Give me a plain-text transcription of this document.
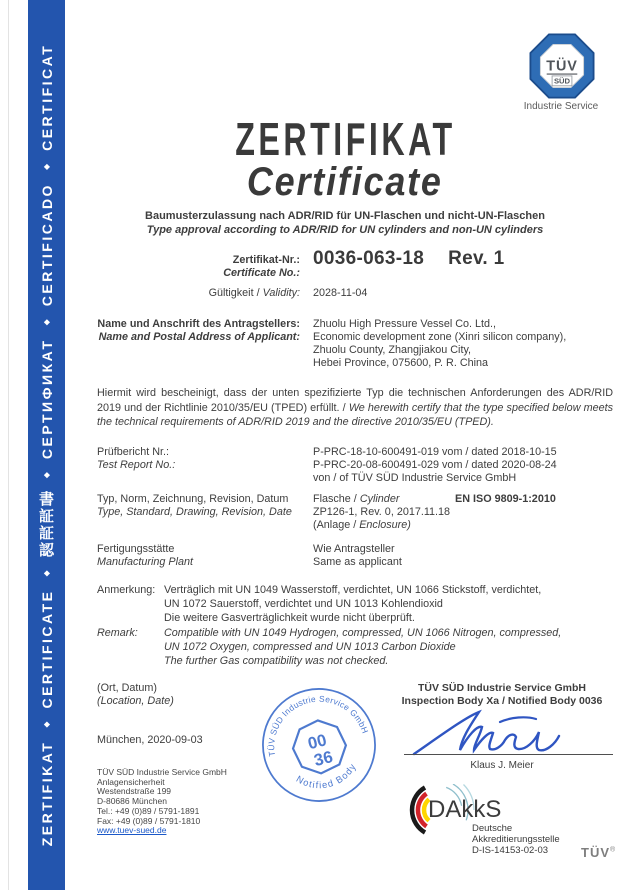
ZERTIFIKAT
◆
CERTIFICATE
◆
認
証
証
書
◆
СЕРТИФИКАТ
◆
CERTIFICADO
◆
CERTIFICAT	TÜV
SÜD
Industrie Service
ZERTIFIKAT
Certificate
Baumusterzulassung nach ADR/RID für UN-Flaschen und nicht-UN-Flaschen
Type approval according to ADR/RID for UN cylinders and non-UN cylinders
Zertifikat-Nr.:
Certificate No.:
0036-063-18 Rev. 1
Gültigkeit / Validity: 2028-11-04
Name und Anschrift des Antragstellers:
Name and Postal Address of Applicant:
Zhuolu High Pressure Vessel Co. Ltd.,
Economic development zone (Xinri silicon company),
Zhuolu County, Zhangjiakou City,
Hebei Province, 075600, P. R. China
Hiermit wird bescheinigt, dass der unten spezifizierte Typ die technischen Anforderungen des ADR/RID 2019 und der Richtlinie 2010/35/EU (TPED) erfüllt. / We herewith certify that the type specified below meets the technical requirements of ADR/RID 2019 and the directive 2010/35/EU (TPED).
Prüfbericht Nr.:
Test Report No.:
P-PRC-18-10-600491-019 vom / dated 2018-10-15
P-PRC-20-08-600491-029 vom / dated 2020-08-24
von / of TÜV SÜD Industrie Service GmbH
Typ, Norm, Zeichnung, Revision, Datum
Type, Standard, Drawing, Revision, Date
Flasche / Cylinder
ZP126-1, Rev. 0, 2017.11.18
(Anlage / Enclosure)
EN ISO 9809-1:2010
Fertigungsstätte
Manufacturing Plant
Wie Antragsteller
Same as applicant
Anmerkung: Verträglich mit UN 1049 Wasserstoff, verdichtet, UN 1066 Stickstoff, verdichtet,
UN 1072 Sauerstoff, verdichtet und UN 1013 Kohlendioxid
Die weitere Gasverträglichkeit wurde nicht überprüft.
Remark: Compatible with UN 1049 Hydrogen, compressed, UN 1066 Nitrogen, compressed,
UN 1072 Oxygen, compressed and UN 1013 Carbon Dioxide
The further Gas compatibility was not checked.
(Ort, Datum)
(Location, Date)
München, 2020-09-03
TÜV SÜD Industrie Service GmbH
Notified Body
00
36
TÜV SÜD Industrie Service GmbH
Inspection Body Xa / Notified Body 0036
Klaus J. Meier
TÜV SÜD Industrie Service GmbH
Anlagensicherheit
Westendstraße 199
D-80686 München
Tel.: +49 (0)89 / 5791-1891
Fax: +49 (0)89 / 5791-1810
www.tuev-sued.de
DAkkS
Deutsche
Akkreditierungsstelle
D-IS-14153-02-03	TÜV®
